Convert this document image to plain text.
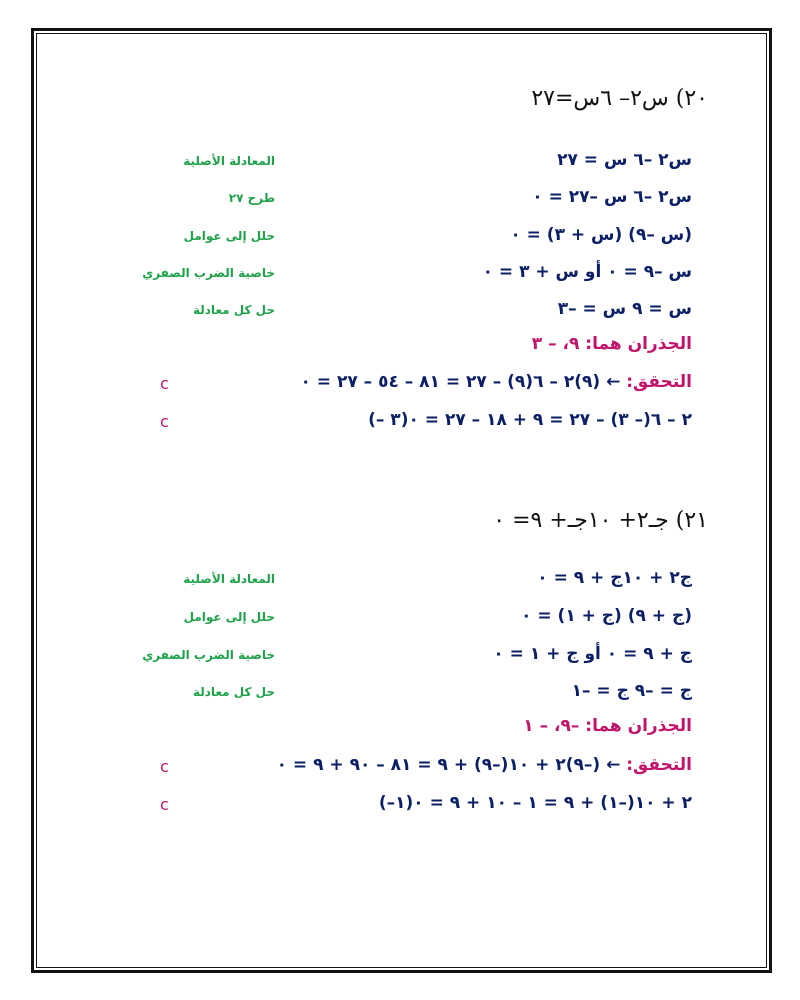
٢٠) س٢– ٦س=٢٧
س٢ –٦ س = ٢٧
المعادلة الأصلية
س٢ –٦ س –٢٧ = ٠
طرح ٢٧
(س –٩) (س + ٣) = ٠
حلل إلى عوامل
س –٩ = ٠ أو س + ٣ = ٠
خاصية الضرب الصفري
س = ٩ س = –٣
حل كل معادلة
الجذران هما: ٩، – ٣
التحقق: ← (٩)٢ – ٦(٩) – ٢٧ = ٨١ – ٥٤ – ٢٧ = ٠
c
(– ٣)٢ – ٦(– ٣) – ٢٧ = ٩ + ١٨ – ٢٧ = ٠
c
٢١) جـ٢+ ١٠جـ+ ٩= ٠
ج٢ + ١٠ج + ٩ = ٠
المعادلة الأصلية
(ج + ٩) (ج + ١) = ٠
حلل إلى عوامل
ج + ٩ = ٠ أو ج + ١ = ٠
خاصية الضرب الصفري
ج = –٩ ج = –١
حل كل معادلة
الجذران هما: –٩، – ١
التحقق: ← (–٩)٢ + ١٠(–٩) + ٩ = ٨١ – ٩٠ + ٩ = ٠
c
(–١)٢ + ١٠(–١) + ٩ = ١ – ١٠ + ٩ = ٠
c
